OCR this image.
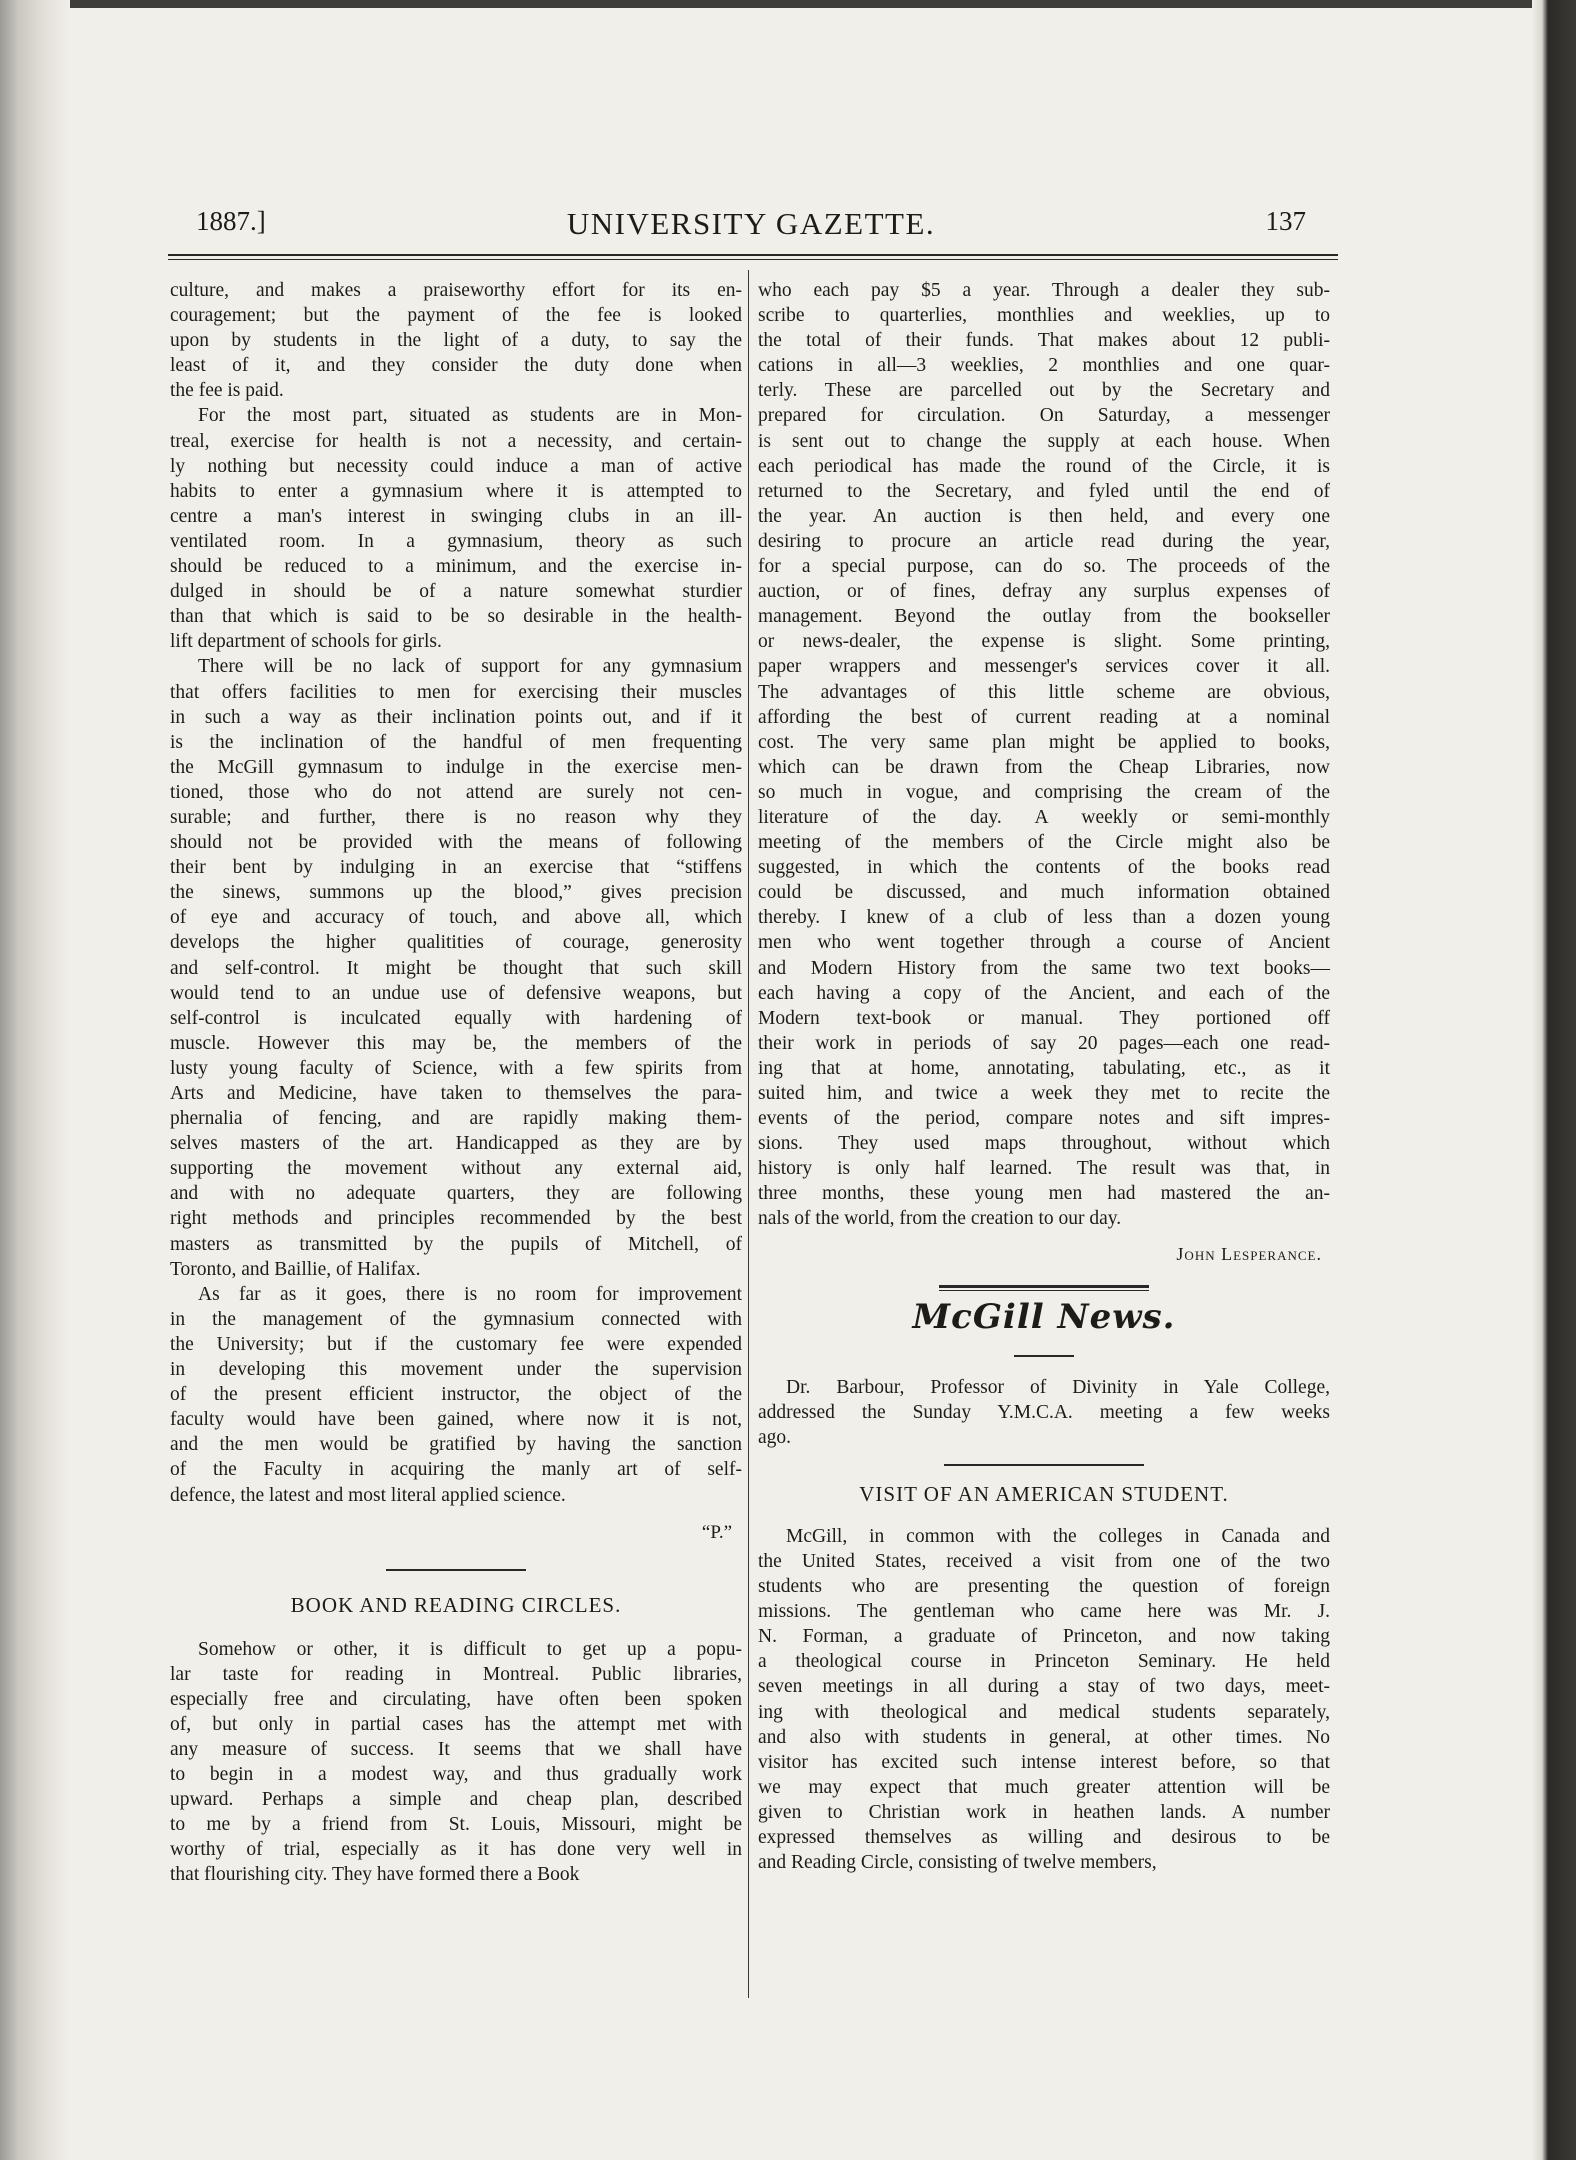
1887.]	UNIVERSITY GAZETTE.	137
culture, and makes a praiseworthy effort for its en-
couragement; but the payment of the fee is looked
upon by students in the light of a duty, to say the
least of it, and they consider the duty done when
the fee is paid.
For the most part, situated as students are in Mon-
treal, exercise for health is not a necessity, and certain-
ly nothing but necessity could induce a man of active
habits to enter a gymnasium where it is attempted to
centre a man's interest in swinging clubs in an ill-
ventilated room. In a gymnasium, theory as such
should be reduced to a minimum, and the exercise in-
dulged in should be of a nature somewhat sturdier
than that which is said to be so desirable in the health-
lift department of schools for girls.
There will be no lack of support for any gymnasium
that offers facilities to men for exercising their muscles
in such a way as their inclination points out, and if it
is the inclination of the handful of men frequenting
the McGill gymnasum to indulge in the exercise men-
tioned, those who do not attend are surely not cen-
surable; and further, there is no reason why they
should not be provided with the means of following
their bent by indulging in an exercise that “stiffens
the sinews, summons up the blood,” gives precision
of eye and accuracy of touch, and above all, which
develops the higher qualitities of courage, generosity
and self-control. It might be thought that such skill
would tend to an undue use of defensive weapons, but
self-control is inculcated equally with hardening of
muscle. However this may be, the members of the
lusty young faculty of Science, with a few spirits from
Arts and Medicine, have taken to themselves the para-
phernalia of fencing, and are rapidly making them-
selves masters of the art. Handicapped as they are by
supporting the movement without any external aid,
and with no adequate quarters, they are following
right methods and principles recommended by the best
masters as transmitted by the pupils of Mitchell, of
Toronto, and Baillie, of Halifax.
As far as it goes, there is no room for improvement
in the management of the gymnasium connected with
the University; but if the customary fee were expended
in developing this movement under the supervision
of the present efficient instructor, the object of the
faculty would have been gained, where now it is not,
and the men would be gratified by having the sanction
of the Faculty in acquiring the manly art of self-
defence, the latest and most literal applied science.
“P.”
BOOK AND READING CIRCLES.
Somehow or other, it is difficult to get up a popu-
lar taste for reading in Montreal. Public libraries,
especially free and circulating, have often been spoken
of, but only in partial cases has the attempt met with
any measure of success. It seems that we shall have
to begin in a modest way, and thus gradually work
upward. Perhaps a simple and cheap plan, described
to me by a friend from St. Louis, Missouri, might be
worthy of trial, especially as it has done very well in
that flourishing city. They have formed there a Book
who each pay $5 a year. Through a dealer they sub-
scribe to quarterlies, monthlies and weeklies, up to
the total of their funds. That makes about 12 publi-
cations in all—3 weeklies, 2 monthlies and one quar-
terly. These are parcelled out by the Secretary and
prepared for circulation. On Saturday, a messenger
is sent out to change the supply at each house. When
each periodical has made the round of the Circle, it is
returned to the Secretary, and fyled until the end of
the year. An auction is then held, and every one
desiring to procure an article read during the year,
for a special purpose, can do so. The proceeds of the
auction, or of fines, defray any surplus expenses of
management. Beyond the outlay from the bookseller
or news-dealer, the expense is slight. Some printing,
paper wrappers and messenger's services cover it all.
The advantages of this little scheme are obvious,
affording the best of current reading at a nominal
cost. The very same plan might be applied to books,
which can be drawn from the Cheap Libraries, now
so much in vogue, and comprising the cream of the
literature of the day. A weekly or semi-monthly
meeting of the members of the Circle might also be
suggested, in which the contents of the books read
could be discussed, and much information obtained
thereby. I knew of a club of less than a dozen young
men who went together through a course of Ancient
and Modern History from the same two text books—
each having a copy of the Ancient, and each of the
Modern text-book or manual. They portioned off
their work in periods of say 20 pages—each one read-
ing that at home, annotating, tabulating, etc., as it
suited him, and twice a week they met to recite the
events of the period, compare notes and sift impres-
sions. They used maps throughout, without which
history is only half learned. The result was that, in
three months, these young men had mastered the an-
nals of the world, from the creation to our day.
John Lesperance.
McGill News.
Dr. Barbour, Professor of Divinity in Yale College,
addressed the Sunday Y.M.C.A. meeting a few weeks
ago.
VISIT OF AN AMERICAN STUDENT.
McGill, in common with the colleges in Canada and
the United States, received a visit from one of the two
students who are presenting the question of foreign
missions. The gentleman who came here was Mr. J.
N. Forman, a graduate of Princeton, and now taking
a theological course in Princeton Seminary. He held
seven meetings in all during a stay of two days, meet-
ing with theological and medical students separately,
and also with students in general, at other times. No
visitor has excited such intense interest before, so that
we may expect that much greater attention will be
given to Christian work in heathen lands. A number
expressed themselves as willing and desirous to be
and Reading Circle, consisting of twelve members,
